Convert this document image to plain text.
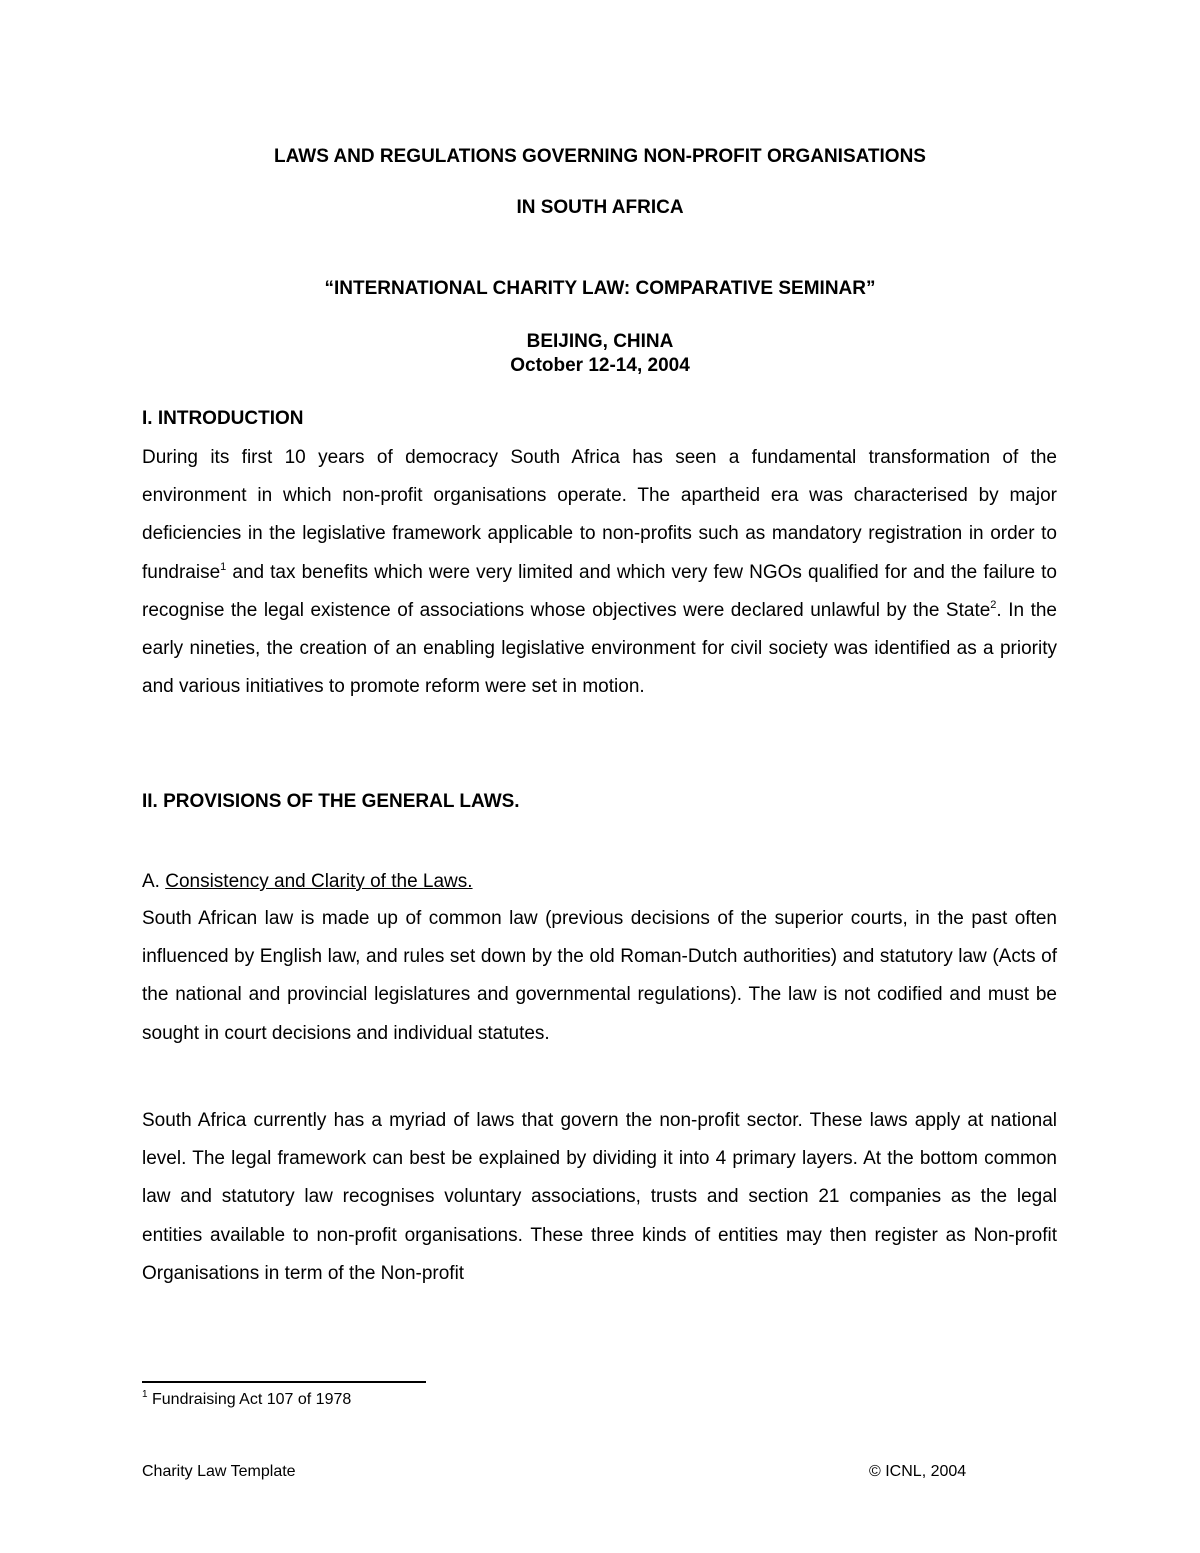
LAWS AND REGULATIONS GOVERNING NON-PROFIT ORGANISATIONS
IN SOUTH AFRICA
“INTERNATIONAL CHARITY LAW: COMPARATIVE SEMINAR”
BEIJING, CHINA
October 12-14, 2004
I. INTRODUCTION
During its first 10 years of democracy South Africa has seen a fundamental transformation of the environment in which non-profit organisations operate. The apartheid era was characterised by major deficiencies in the legislative framework applicable to non-profits such as mandatory registration in order to fundraise$^1$ and tax benefits which were very limited and which very few NGOs qualified for and the failure to recognise the legal existence of associations whose objectives were declared unlawful by the State$^2$. In the early nineties, the creation of an enabling legislative environment for civil society was identified as a priority and various initiatives to promote reform were set in motion.
II. PROVISIONS OF THE GENERAL LAWS.
A. Consistency and Clarity of the Laws.
South African law is made up of common law (previous decisions of the superior courts, in the past often influenced by English law, and rules set down by the old Roman-Dutch authorities) and statutory law (Acts of the national and provincial legislatures and governmental regulations). The law is not codified and must be sought in court decisions and individual statutes.
South Africa currently has a myriad of laws that govern the non-profit sector. These laws apply at national level. The legal framework can best be explained by dividing it into 4 primary layers. At the bottom common law and statutory law recognises voluntary associations, trusts and section 21 companies as the legal entities available to non-profit organisations. These three kinds of entities may then register as Non-profit Organisations in term of the Non-profit
$^1$ Fundraising Act 107 of 1978
Charity Law Template	© ICNL, 2004
